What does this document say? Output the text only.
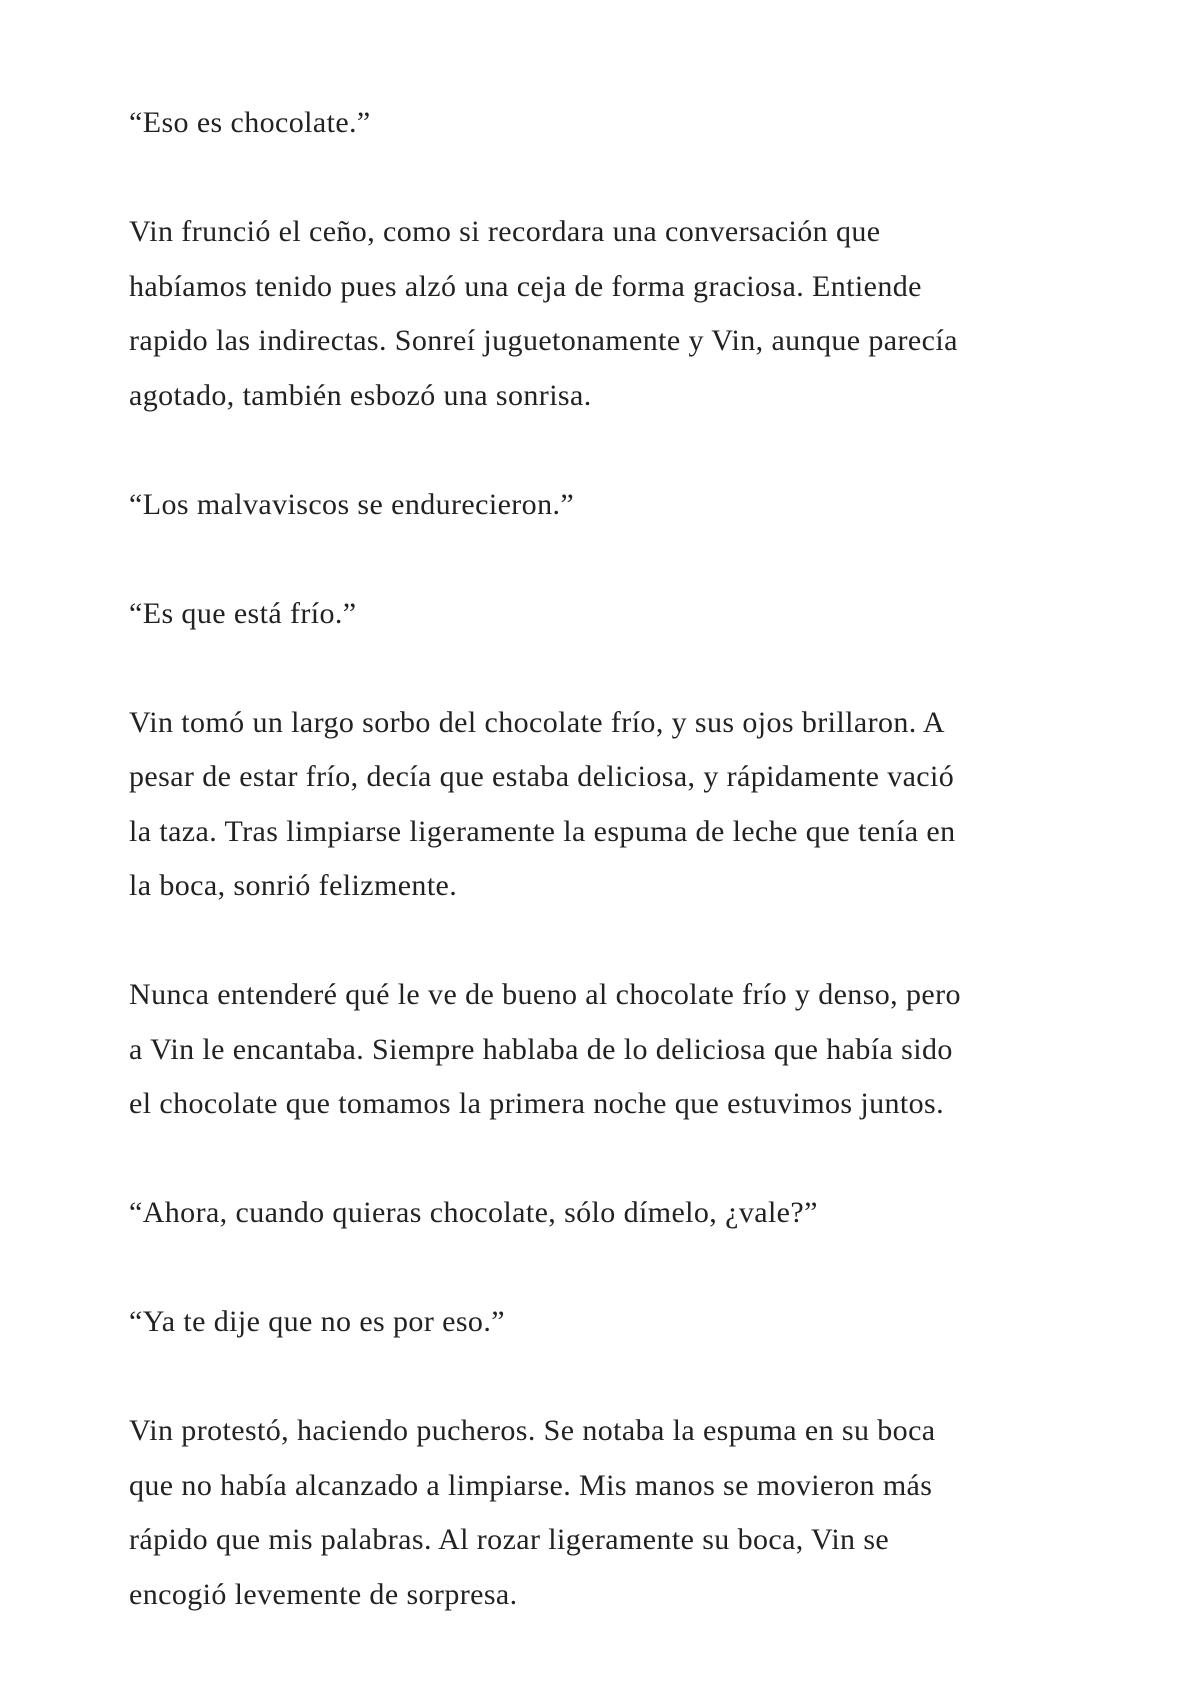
“Eso es chocolate.”

Vin frunció el ceño, como si recordara una conversación que
habíamos tenido pues alzó una ceja de forma graciosa. Entiende
rapido las indirectas. Sonreí juguetonamente y Vin, aunque parecía
agotado, también esbozó una sonrisa.

“Los malvaviscos se endurecieron.”

“Es que está frío.”

Vin tomó un largo sorbo del chocolate frío, y sus ojos brillaron. A
pesar de estar frío, decía que estaba deliciosa, y rápidamente vació
la taza. Tras limpiarse ligeramente la espuma de leche que tenía en
la boca, sonrió felizmente.

Nunca entenderé qué le ve de bueno al chocolate frío y denso, pero
a Vin le encantaba. Siempre hablaba de lo deliciosa que había sido
el chocolate que tomamos la primera noche que estuvimos juntos.

“Ahora, cuando quieras chocolate, sólo dímelo, ¿vale?”

“Ya te dije que no es por eso.”

Vin protestó, haciendo pucheros. Se notaba la espuma en su boca
que no había alcanzado a limpiarse. Mis manos se movieron más
rápido que mis palabras. Al rozar ligeramente su boca, Vin se
encogió levemente de sorpresa.
